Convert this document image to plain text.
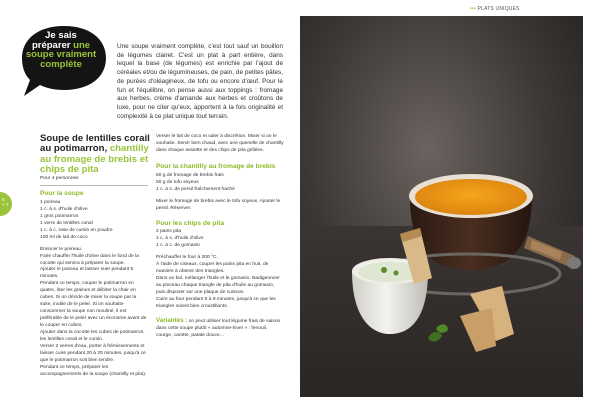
Je sais
préparer une
soupe vraiment
complète
Une soupe vraiment complète, c'est tout sauf un bouillon de légumes clairet. C'est un plat à part entière, dans lequel la base (de légumes) est enrichie par l'ajout de céréales et/ou de légumineuses, de pain, de petites pâtes, de purées d'oléagineux, de tofu ou encore d'œuf. Pour le fun et l'équilibre, on pense aussi aux toppings : fromage aux herbes, crème d'amande aux herbes et croûtons de luxe, pour ne citer qu'eux, apportent à la fois originalité et complexité à ce plat unique tout terrain.
6
+ 7
Soupe de lentilles corail au potimarron, chantilly au fromage de brebis et chips de pita
Pour 4 personnes
Pour la soupe
1 poireau
1 c. à s. d'huile d'olive
1 gros potimarron
1 verre de lentilles corail
1 c. à c. rase de cumin en poudre
100 ml de lait de coco
Émincer le poireau.
Faire chauffer l'huile d'olive dans le fond de la cocotte qui servira à préparer la soupe.
Ajouter le poireau et laisser suer pendant 5 minutes.
Pendant ce temps, couper le potimarron en quatre, ôter les graines et débiter la chair en cubes. Si on décide de mixer la soupe par la suite, inutile de le peler. Si on souhaite consommer la soupe non mouliné, il est préférable de le peler avec un économe avant de le couper en cubes.
Ajouter dans la cocotte les cubes de potimarron, les lentilles corail et le cumin.
Verser 2 verres d'eau, porter à frémissements et laisser cuire pendant 20 à 25 minutes, jusqu'à ce que le potimarron soit bien tendre.
Pendant ce temps, préparer les accompagnements de la soupe (chantilly et pita).
Verser le lait de coco et saler à discrétion. Mixer si on le souhaite. Servir bien chaud, avec une quenelle de chantilly dans chaque assiette et des chips de pita grillées.
Pour la chantilly au fromage de brebis
50 g de fromage de brebis frais
50 g de tofu soyeux
1 c. à s. de persil fraîchement haché
Mixer le fromage de brebis avec le tofu soyeux. Ajouter le persil. Réserver.
Pour les chips de pita
2 pains pita
1 c. à s. d'huile d'olive
1 c. à c. de gomasio
Préchauffer le four à 200 °C.
À l'aide de ciseaux, couper les pains pita en huit, de manière à obtenir des triangles.
Dans un bol, mélanger l'huile et le gomasio. Badigeonner au pinceau chaque triangle de pita d'huile au gomasio, puis disposer sur une plaque de cuisson.
Cuire au four pendant 5 à 8 minutes, jusqu'à ce que les triangles soient bien croustillants.
Variantes : on peut utiliser tout légume frais de saison dans cette soupe plutôt « automne-hiver » : fenouil, courge, carotte, patate douce…
••• PLATS UNIQUES
